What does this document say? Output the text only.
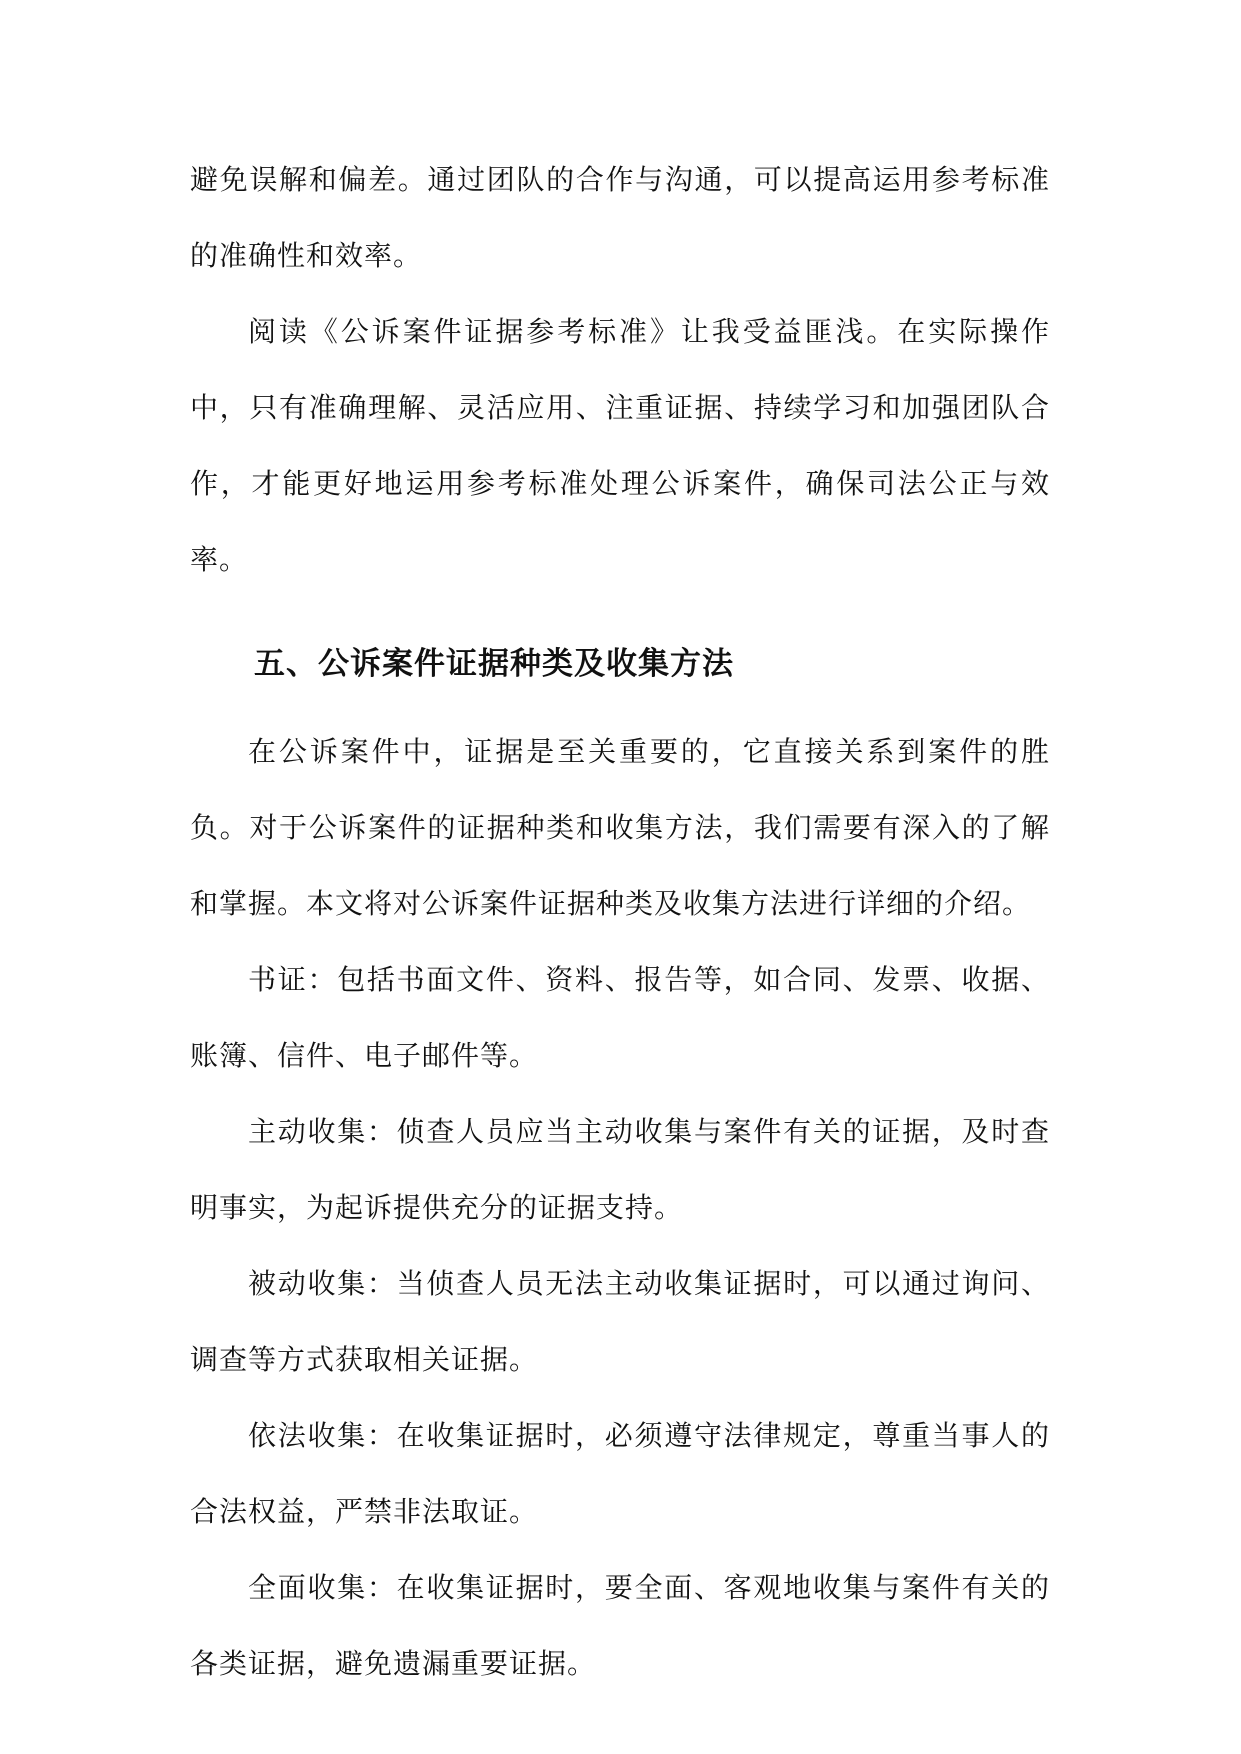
避免误解和偏差。通过团队的合作与沟通，可以提高运用参考标准的准确性和效率。

阅读《公诉案件证据参考标准》让我受益匪浅。在实际操作中，只有准确理解、灵活应用、注重证据、持续学习和加强团队合作，才能更好地运用参考标准处理公诉案件，确保司法公正与效率。

五、公诉案件证据种类及收集方法

在公诉案件中，证据是至关重要的，它直接关系到案件的胜负。对于公诉案件的证据种类和收集方法，我们需要有深入的了解和掌握。本文将对公诉案件证据种类及收集方法进行详细的介绍。

书证：包括书面文件、资料、报告等，如合同、发票、收据、账簿、信件、电子邮件等。

主动收集：侦查人员应当主动收集与案件有关的证据，及时查明事实，为起诉提供充分的证据支持。

被动收集：当侦查人员无法主动收集证据时，可以通过询问、调查等方式获取相关证据。

依法收集：在收集证据时，必须遵守法律规定，尊重当事人的合法权益，严禁非法取证。

全面收集：在收集证据时，要全面、客观地收集与案件有关的各类证据，避免遗漏重要证据。
